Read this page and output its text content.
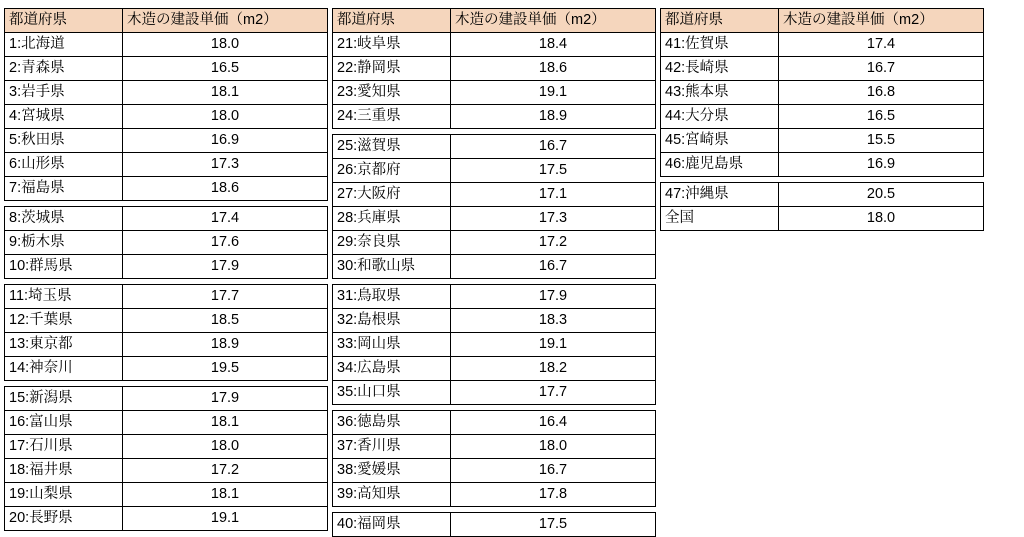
都道府県	木造の建設単価（m2）
1:北海道	18.0
2:青森県	16.5
3:岩手県	18.1
4:宮城県	18.0
5:秋田県	16.9
6:山形県	17.3
7:福島県	18.6

8:茨城県	17.4
9:栃木県	17.6
10:群馬県	17.9

11:埼玉県	17.7
12:千葉県	18.5
13:東京都	18.9
14:神奈川	19.5

15:新潟県	17.9
16:富山県	18.1
17:石川県	18.0
18:福井県	17.2
19:山梨県	18.1
20:長野県	19.1
都道府県	木造の建設単価（m2）
21:岐阜県	18.4
22:静岡県	18.6
23:愛知県	19.1
24:三重県	18.9

25:滋賀県	16.7
26:京都府	17.5
27:大阪府	17.1
28:兵庫県	17.3
29:奈良県	17.2
30:和歌山県	16.7

31:鳥取県	17.9
32:島根県	18.3
33:岡山県	19.1
34:広島県	18.2
35:山口県	17.7

36:徳島県	16.4
37:香川県	18.0
38:愛媛県	16.7
39:高知県	17.8

40:福岡県	17.5
都道府県	木造の建設単価（m2）
41:佐賀県	17.4
42:長崎県	16.7
43:熊本県	16.8
44:大分県	16.5
45:宮崎県	15.5
46:鹿児島県	16.9

47:沖縄県	20.5
全国	18.0
